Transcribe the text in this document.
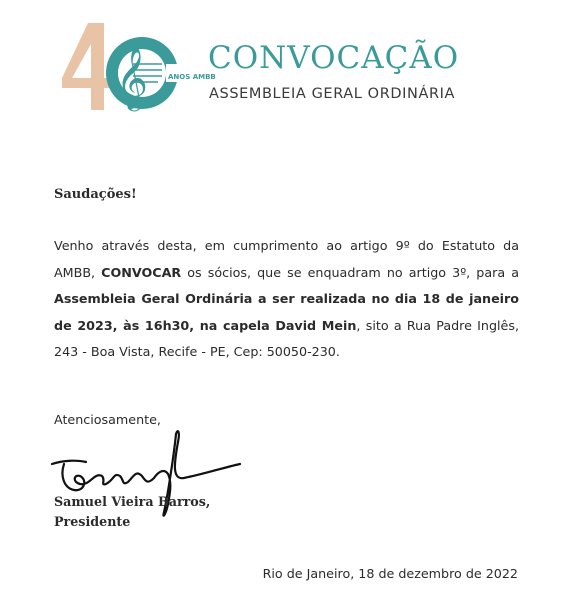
𝄞	ANOS AMBB
CONVOCAÇÃO
ASSEMBLEIA GERAL ORDINÁRIA
Saudações!
Venho através desta, em cumprimento ao artigo 9º do Estatuto da AMBB, CONVOCAR os sócios, que se enquadram no artigo 3º, para a Assembleia Geral Ordinária a ser realizada no dia 18 de janeiro de 2023, às 16h30, na capela David Mein, sito a Rua Padre Inglês, 243 - Boa Vista, Recife - PE, Cep: 50050-230.
Atenciosamente,
Samuel Vieira Barros,
Presidente
Rio de Janeiro, 18 de dezembro de 2022
